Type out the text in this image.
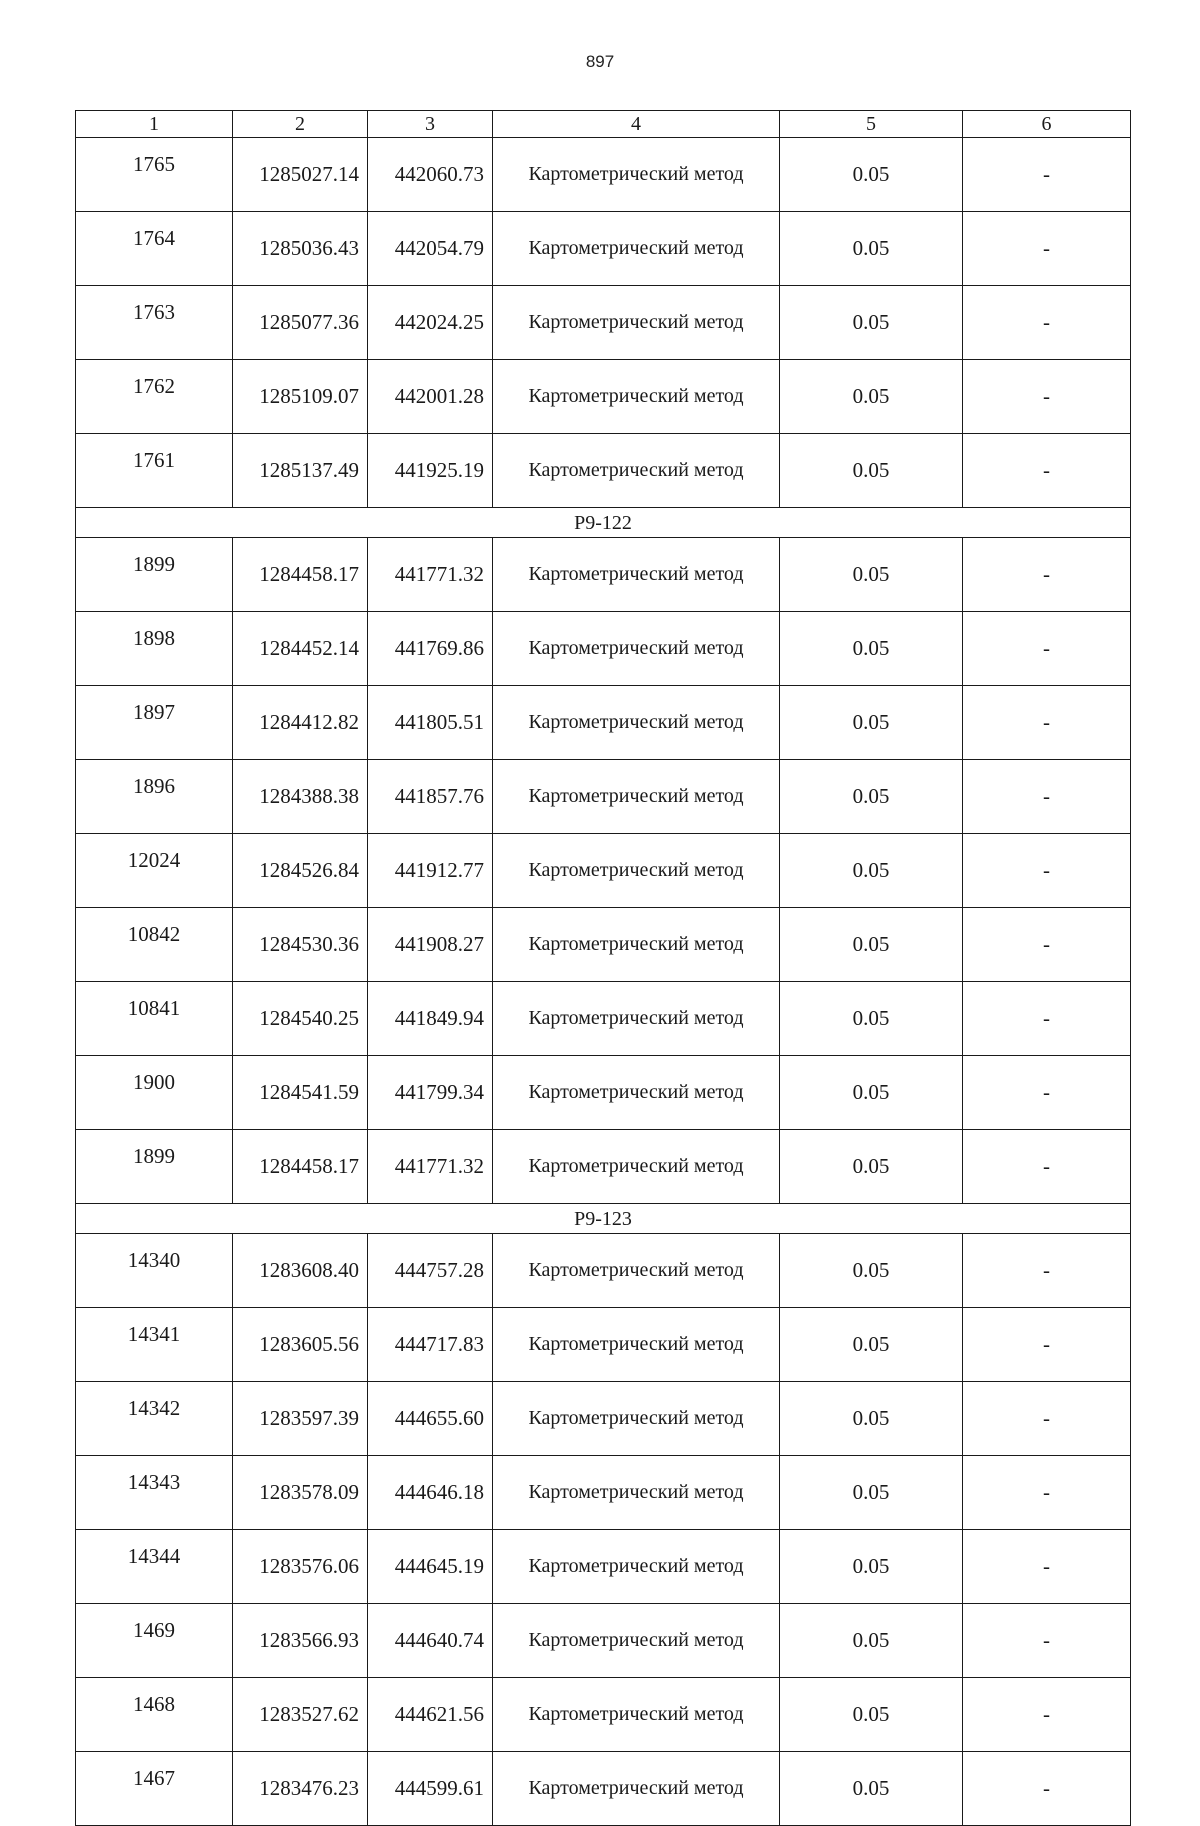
897
1	2	3	4	5	6
1765	1285027.14	442060.73	Картометрический метод	0.05	-
1764	1285036.43	442054.79	Картометрический метод	0.05	-
1763	1285077.36	442024.25	Картометрический метод	0.05	-
1762	1285109.07	442001.28	Картометрический метод	0.05	-
1761	1285137.49	441925.19	Картометрический метод	0.05	-
Р9-122					
1899	1284458.17	441771.32	Картометрический метод	0.05	-
1898	1284452.14	441769.86	Картометрический метод	0.05	-
1897	1284412.82	441805.51	Картометрический метод	0.05	-
1896	1284388.38	441857.76	Картометрический метод	0.05	-
12024	1284526.84	441912.77	Картометрический метод	0.05	-
10842	1284530.36	441908.27	Картометрический метод	0.05	-
10841	1284540.25	441849.94	Картометрический метод	0.05	-
1900	1284541.59	441799.34	Картометрический метод	0.05	-
1899	1284458.17	441771.32	Картометрический метод	0.05	-
Р9-123					
14340	1283608.40	444757.28	Картометрический метод	0.05	-
14341	1283605.56	444717.83	Картометрический метод	0.05	-
14342	1283597.39	444655.60	Картометрический метод	0.05	-
14343	1283578.09	444646.18	Картометрический метод	0.05	-
14344	1283576.06	444645.19	Картометрический метод	0.05	-
1469	1283566.93	444640.74	Картометрический метод	0.05	-
1468	1283527.62	444621.56	Картометрический метод	0.05	-
1467	1283476.23	444599.61	Картометрический метод	0.05	-
